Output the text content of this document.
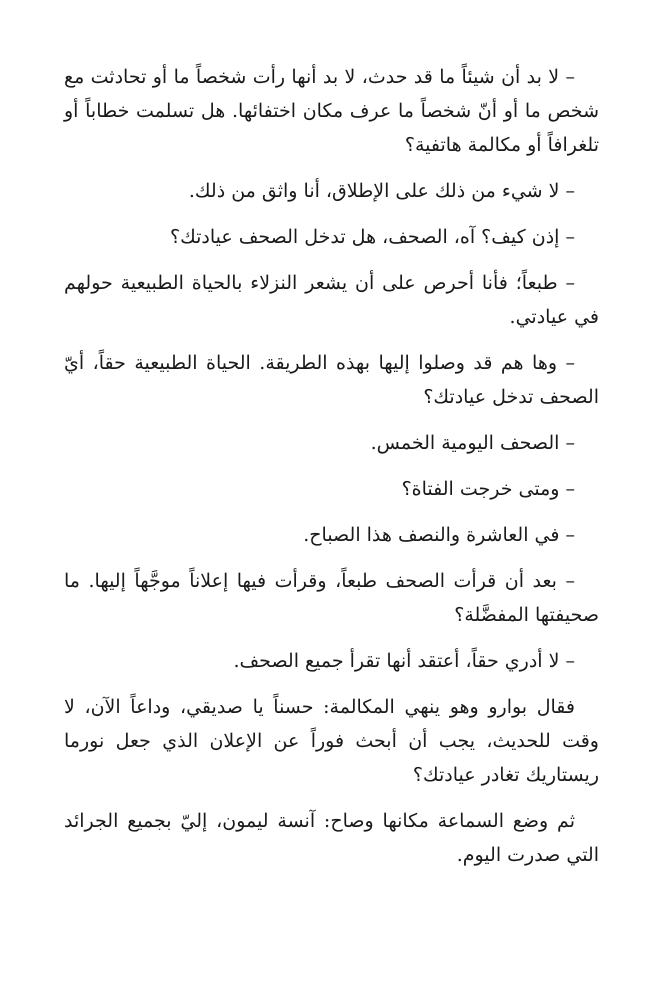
– لا بد أن شيئاً ما قد حدث، لا بد أنها رأت شخصاً ما أو تحادثت مع شخص ما أو أنّ شخصاً ما عرف مكان اختفائها. هل تسلمت خطاباً أو تلغرافاً أو مكالمة هاتفية؟

– لا شيء من ذلك على الإطلاق، أنا واثق من ذلك.

– إذن كيف؟ آه، الصحف، هل تدخل الصحف عيادتك؟

– طبعاً؛ فأنا أحرص على أن يشعر النزلاء بالحياة الطبيعية حولهم في عيادتي.

– وها هم قد وصلوا إليها بهذه الطريقة. الحياة الطبيعية حقاً، أيّ الصحف تدخل عيادتك؟

– الصحف اليومية الخمس.

– ومتى خرجت الفتاة؟

– في العاشرة والنصف هذا الصباح.

– بعد أن قرأت الصحف طبعاً، وقرأت فيها إعلاناً موجَّهاً إليها. ما صحيفتها المفضَّلة؟

– لا أدري حقاً، أعتقد أنها تقرأ جميع الصحف.

فقال بوارو وهو ينهي المكالمة: حسناً يا صديقي، وداعاً الآن، لا وقت للحديث، يجب أن أبحث فوراً عن الإعلان الذي جعل نورما ريستاريك تغادر عيادتك؟

ثم وضع السماعة مكانها وصاح: آنسة ليمون، إليّ بجميع الجرائد التي صدرت اليوم.
